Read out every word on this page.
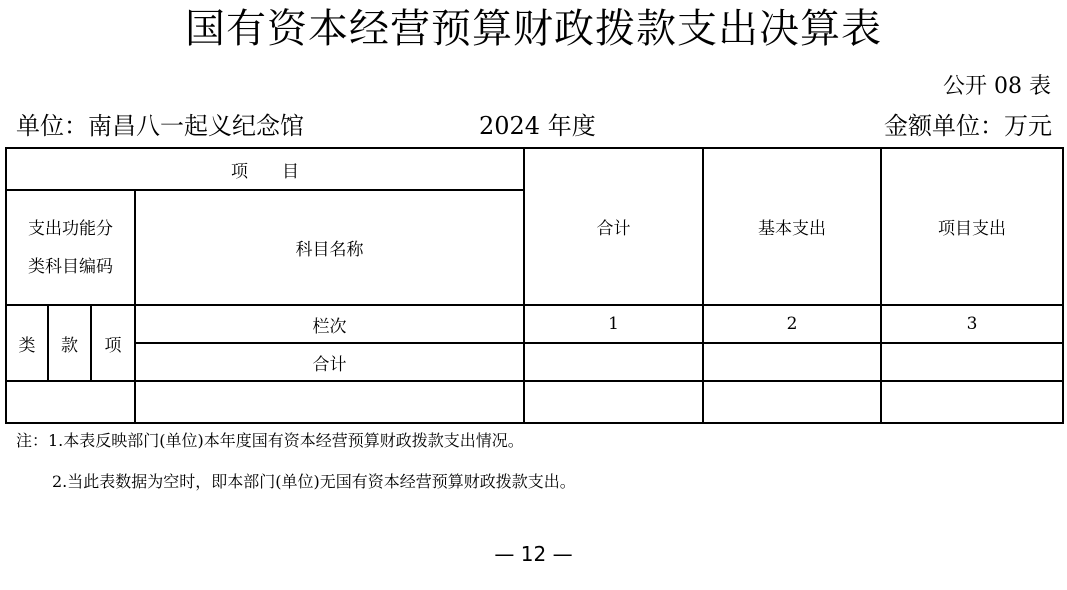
国有资本经营预算财政拨款支出决算表
公开 08 表
单位：南昌八一起义纪念馆	2024 年度	金额单位：万元
项　　目				合计	基本支出	项目支出

支出功能分
类科目编码			科目名称			
类	款	项	栏次	1	2	3
			合计			

注：1.本表反映部门(单位)本年度国有资本经营预算财政拨款支出情况。
2.当此表数据为空时，即本部门(单位)无国有资本经营预算财政拨款支出。
— 12 —
